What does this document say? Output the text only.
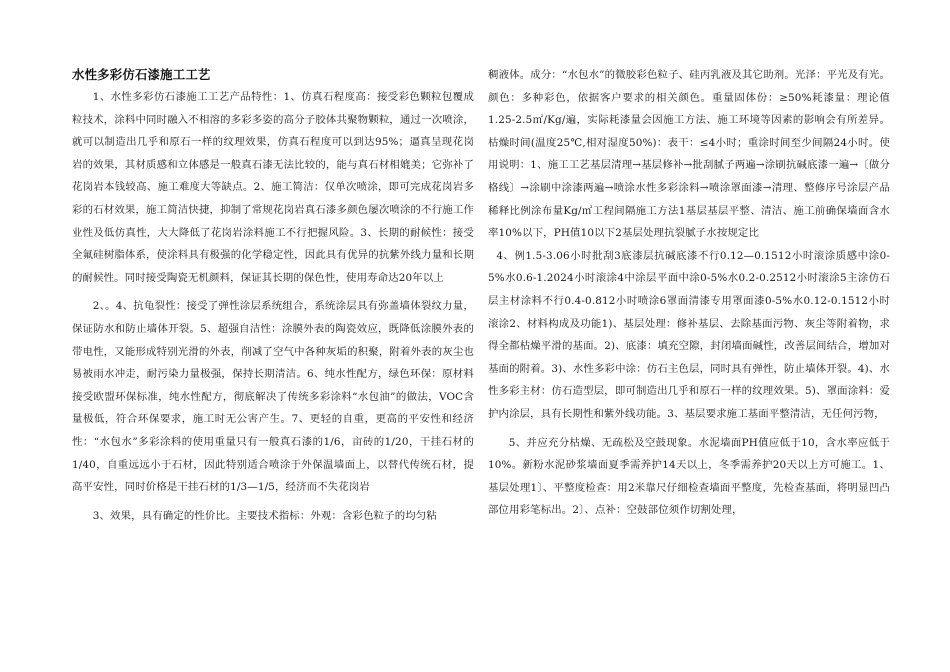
水性多彩仿石漆施工工艺

1、水性多彩仿石漆施工工艺产品特性：1、仿真石程度高：接受彩色颗粒包覆成粒技术，涂料中同时融入不相溶的多彩多姿的高分子胶体共聚物颗粒，通过一次喷涂，就可以制造出几乎和原石一样的纹理效果，仿真石程度可以到达95%；逼真呈现花岗岩的效果，其材质感和立体感是一般真石漆无法比较的，能与真石材相媲美；它弥补了花岗岩本钱较高、施工难度大等缺点。2、施工简洁：仅单次喷涂，即可完成花岗岩多彩的石材效果，施工简洁快捷，抑制了常规花岗岩真石漆多颜色屡次喷涂的不行施工作业性及低仿真性，大大降低了花岗岩涂料施工不行把握风险。3、长期的耐候性：接受全氟硅树脂体系，使涂料具有极强的化学稳定性，因此具有优异的抗紫外线力量和长期的耐候性。同时接受陶瓷无机颜料，保证其长期的保色性，使用寿命达20年以上

2、。4、抗龟裂性：接受了弹性涂层系统组合，系统涂层具有弥盖墙体裂纹力量，保证防水和防止墙体开裂。5、超强自洁性：涂膜外表的陶瓷效应，既降低涂膜外表的带电性，又能形成特别光滑的外表，削减了空气中各种灰垢的积聚，附着外表的灰尘也易被雨水冲走，耐污染力量极强，保持长期清洁。6、纯水性配方，绿色环保：原材料接受欧盟环保标准，纯水性配方，彻底解决了传统多彩涂料“水包油”的做法，VOC含量极低，符合环保要求，施工时无公害产生。7、更轻的自重，更高的平安性和经济性：“水包水”多彩涂料的使用重量只有一般真石漆的1/6，亩砖的1/20，干挂石材的1/40，自重远远小于石材，因此特别适合喷涂于外保温墙面上，以替代传统石材，提高平安性，同时价格是干挂石材的1/3—1/5，经济而不失花岗岩

3、效果，具有确定的性价比。主要技术指标：外观：含彩色粒子的均匀粘

稠液体。成分：“水包水”的微胶彩色粒子、硅丙乳液及其它助剂。光泽：平光及有光。颜色：多种彩色，依据客户要求的相关颜色。重量固体份：≥50%耗漆量：理论值1.25-2.5㎡/Kg/遍，实际耗漆量会因施工方法、施工环境等因素的影响会有所差异。枯燥时间(温度25℃,相对湿度50%)：表干：≤4小时；重涂时间至少间隔24小时。使用说明：1、施工工艺基层清理→基层修补→批刮腻子两遍→涂刷抗碱底漆一遍→〔做分格线〕→涂刷中涂漆两遍→喷涂水性多彩涂料→喷涂罩面漆→清理、整修序号涂层产品稀释比例涂布量Kg/㎡工程间隔施工方法1基层基层平整、清洁、施工前确保墙面含水率10%以下，PH值10以下2基层处理抗裂腻子水按规定比

4、例1.5-3.06小时批刮3底漆层抗碱底漆不行0.12—0.1512小时滚涂质感中涂0-5%水0.6-1.2024小时滚涂4中涂层平面中涂0-5%水0.2-0.2512小时滚涂5主涂仿石层主材涂料不行0.4-0.812小时喷涂6罩面清漆专用罩面漆0-5%水0.12-0.1512小时滚涂2、材料构成及功能1)、基层处理：修补基层、去除基面污物、灰尘等附着物，求得全都枯燥平滑的基面。2)、底漆：填充空隙，封闭墙面碱性，改善层间结合，增加对基面的附着。3)、水性多彩中涂：仿石主色层，同时具有弹性，防止墙体开裂。4)、水性多彩主材：仿石造型层，即可制造出几乎和原石一样的纹理效果。5)、罩面涂料：爱护内涂层，具有长期性和紫外线功能。3、基层要求施工基面平整清洁，无任何污物，

5、并应充分枯燥、无疏松及空鼓现象。水泥墙面PH值应低于10，含水率应低于10%。新粉水泥砂浆墙面夏季需养护14天以上，冬季需养护20天以上方可施工。1、基层处理1〕、平整度检查：用2米靠尺仔细检查墙面平整度，先检查基面，将明显凹凸部位用彩笔标出。2〕、点补：空鼓部位须作切割处理，
